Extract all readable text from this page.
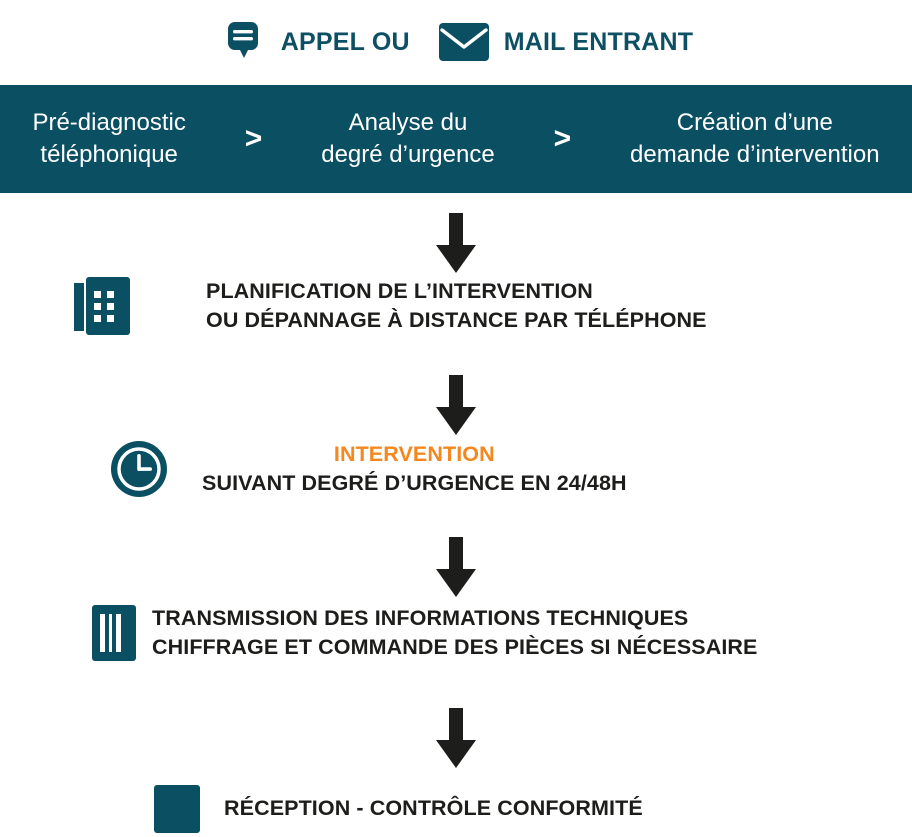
APPEL OU	MAIL ENTRANT
Pré-diagnostic
téléphonique	>	Analyse du
degré d’urgence >	Création d’une
demande d’intervention
PLANIFICATION DE L’INTERVENTION
OU DÉPANNAGE À DISTANCE PAR TÉLÉPHONE
INTERVENTION
SUIVANT DEGRÉ D’URGENCE EN 24/48H
TRANSMISSION DES INFORMATIONS TECHNIQUES
CHIFFRAGE ET COMMANDE DES PIÈCES SI NÉCESSAIRE
RÉCEPTION - CONTRÔLE CONFORMITÉ
